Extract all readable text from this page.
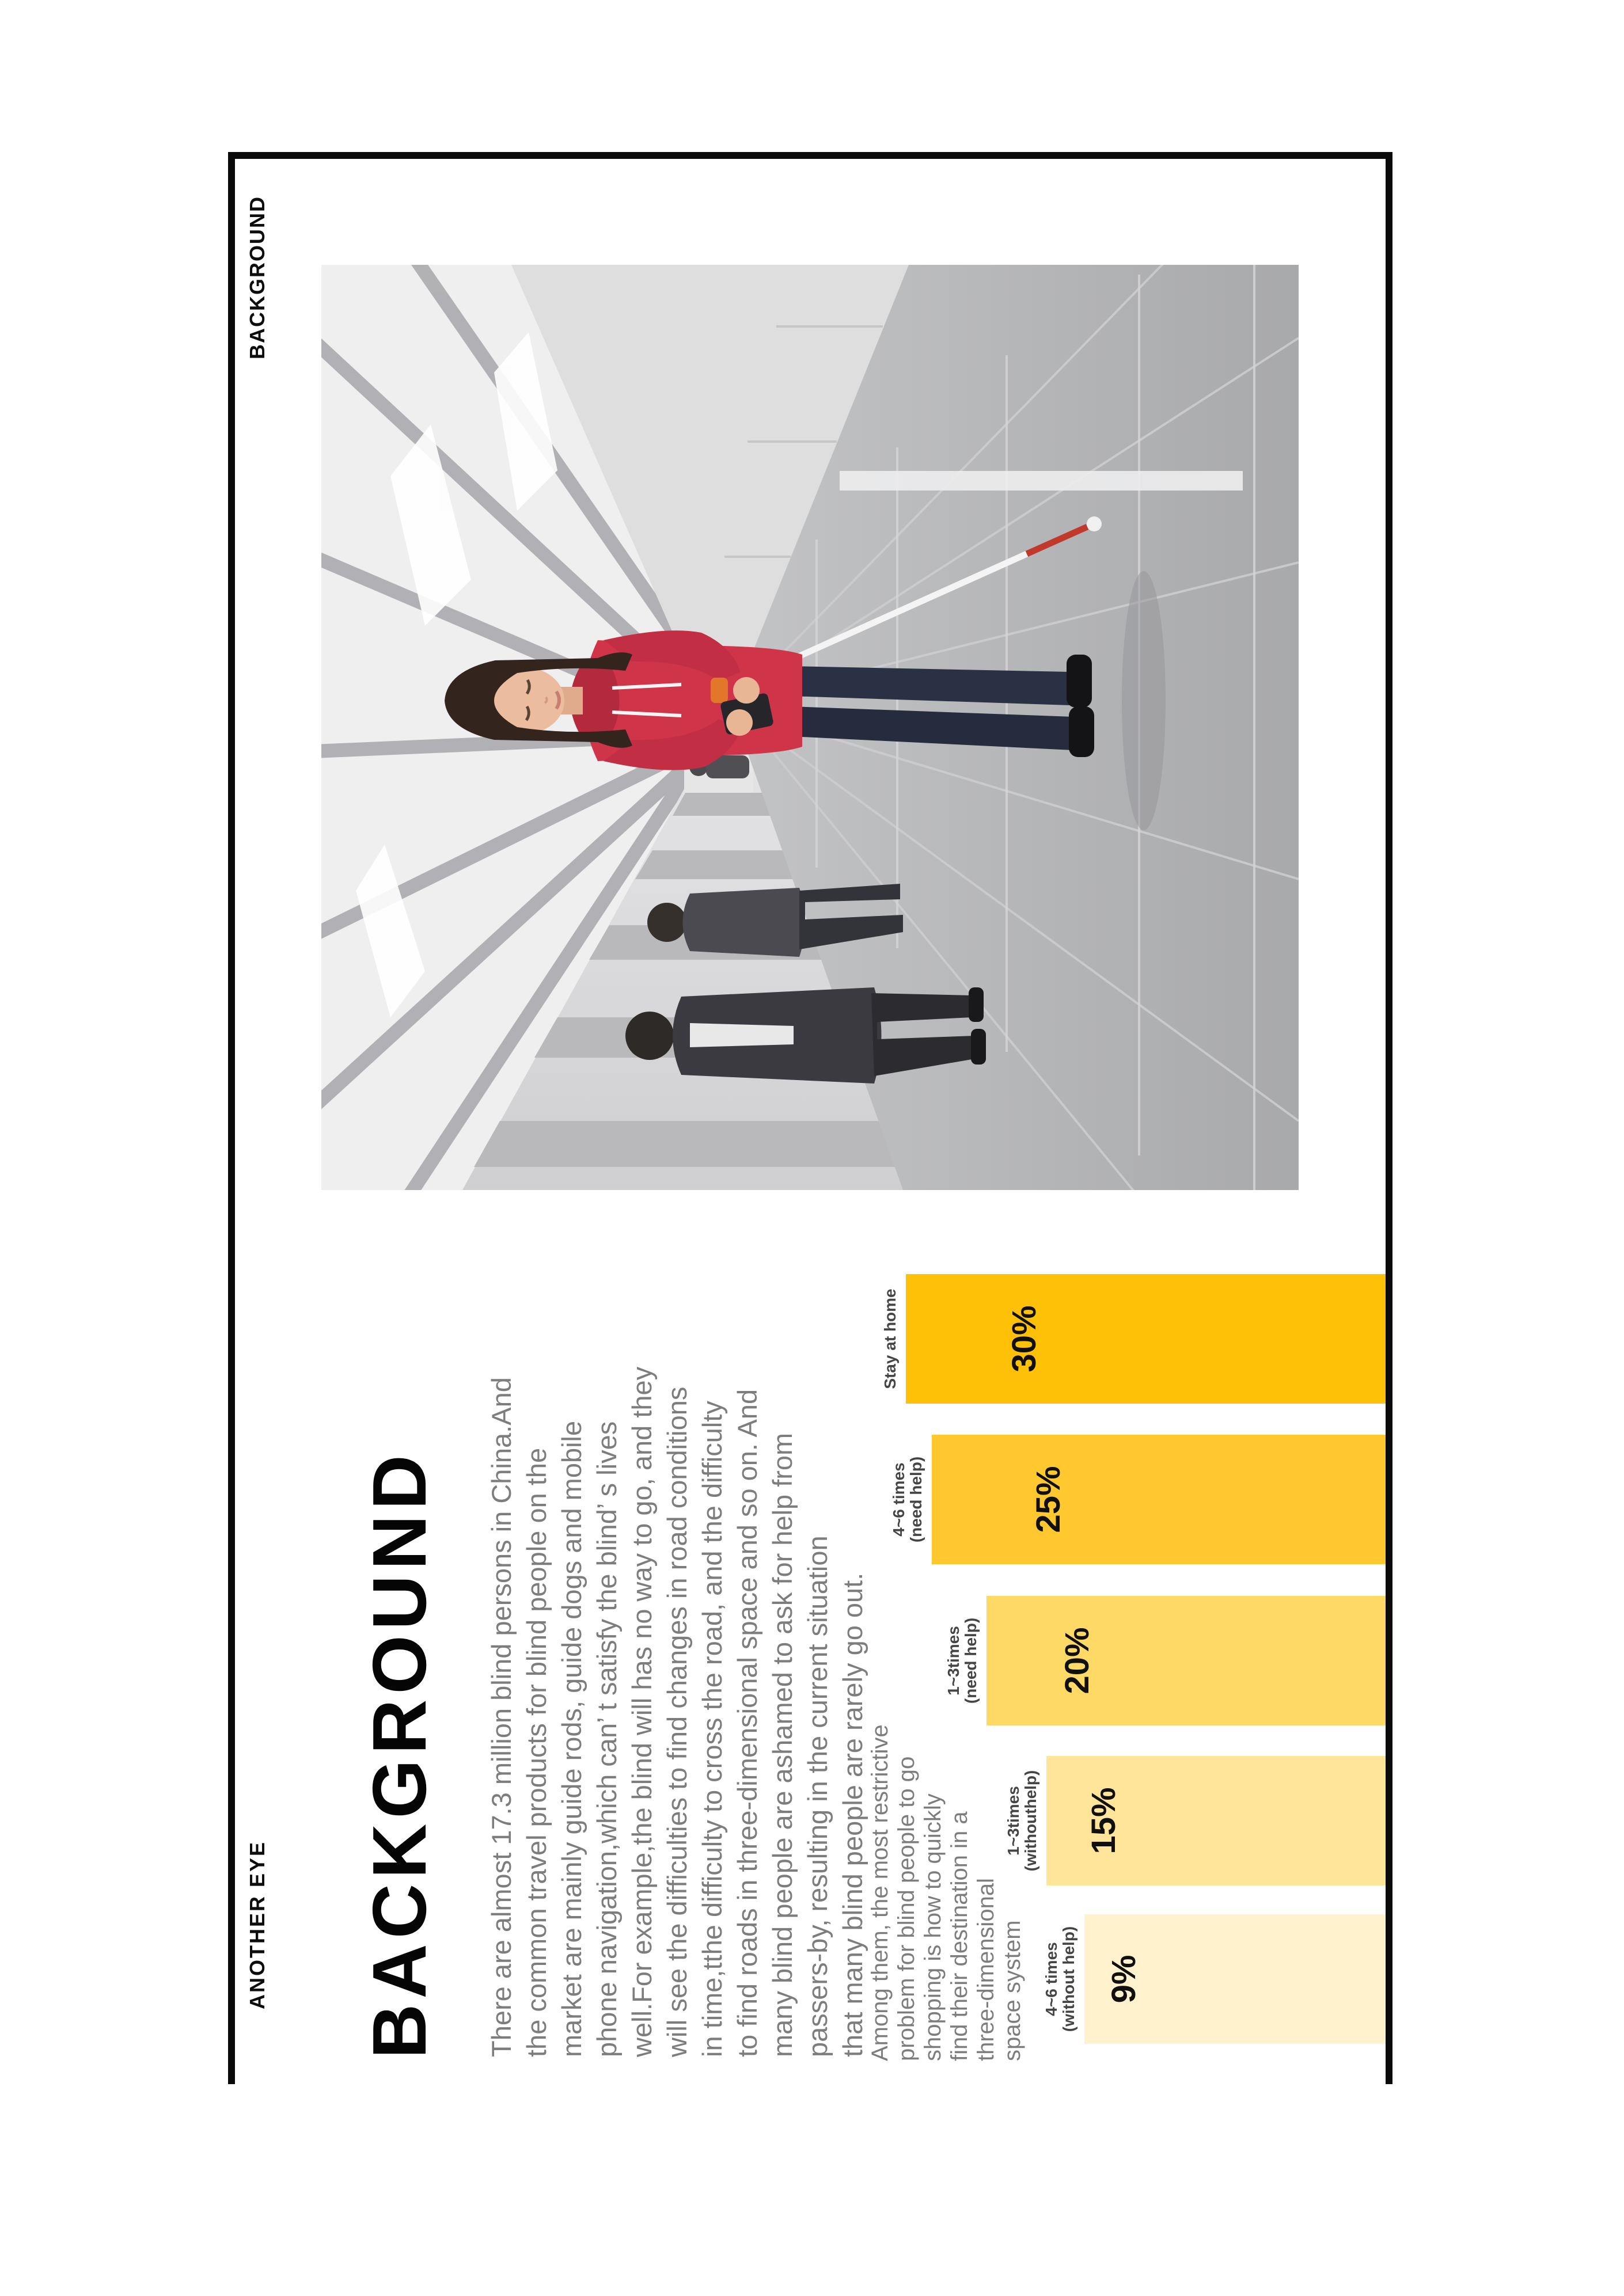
ANOTHER EYE
BACKGROUND
BACKGROUND There are almost 17.3 million blind persons in China.And the common travel products for blind people on the market are mainly guide rods, guide dogs and mobile phone navigation,which can’ t satisfy the blind’ s lives well.For example,the blind will has no way to go, and they will see the difficulties to find changes in road conditions in time,tthe difficulty to cross the road, and the difficulty to find roads in three-dimensional space and so on. And many blind people are ashamed to ask for help from passers-by, resulting in the current situation that many blind people are rarely go out. Among them, the most restrictive
problem for blind people to go
shopping is how to quickly
find their destination in a
three-dimensional
space system 9%
4~6 times
(without help)
15%
1~3times
(withouthelp)
20%
1~3times
(need help)
25%
4~6 times
(need help)
30%
Stay at home
